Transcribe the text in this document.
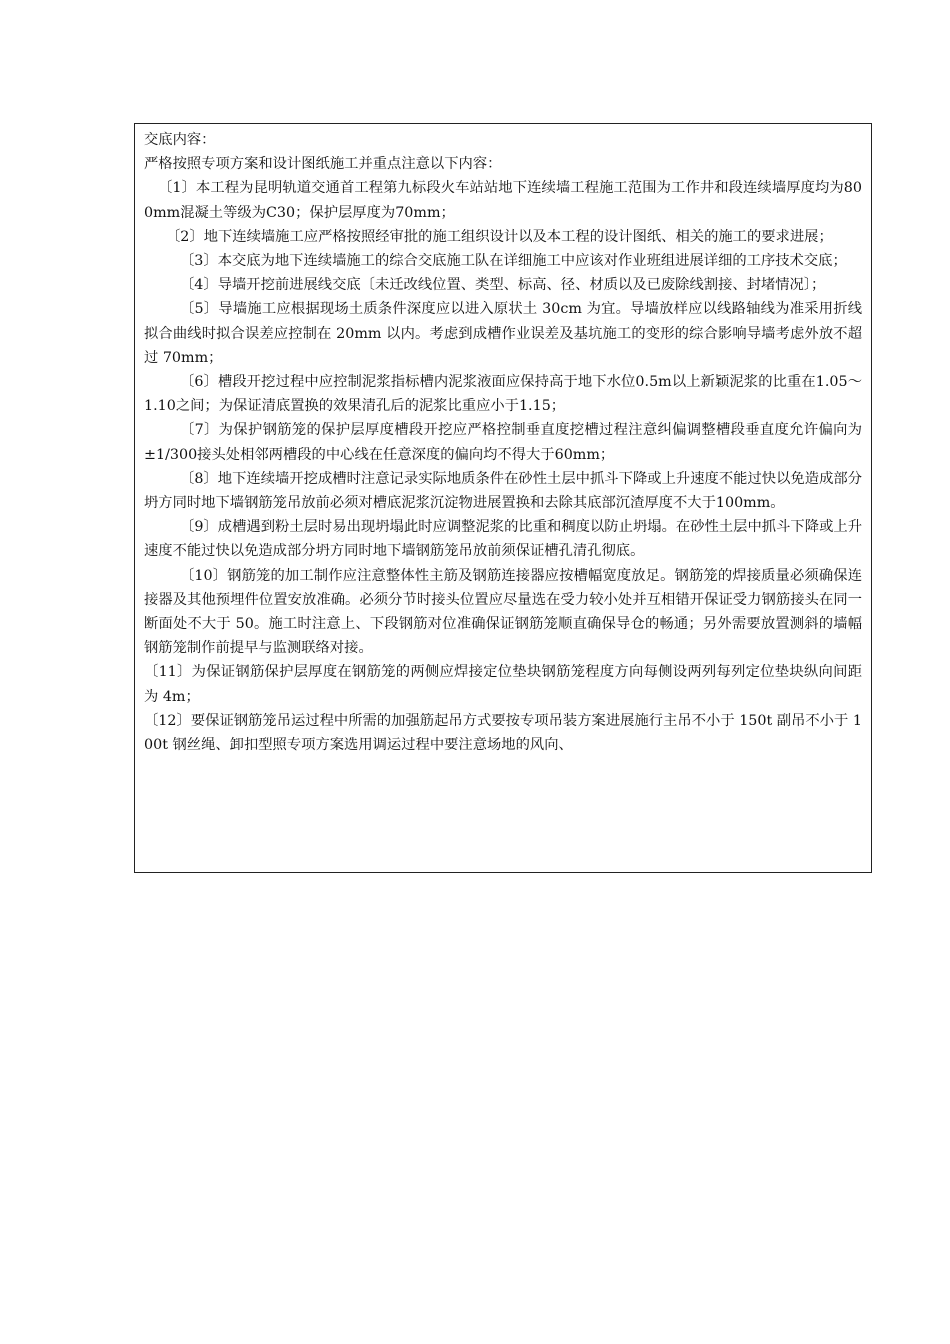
交底内容：

严格按照专项方案和设计图纸施工并重点注意以下内容：

〔1〕本工程为昆明轨道交通首工程第九标段火车站站地下连续墙工程施工范围为工作井和段连续墙厚度均为800mm混凝土等级为C30；保护层厚度为70mm；

〔2〕地下连续墙施工应严格按照经审批的施工组织设计以及本工程的设计图纸、相关的施工的要求进展；

〔3〕本交底为地下连续墙施工的综合交底施工队在详细施工中应该对作业班组进展详细的工序技术交底；

〔4〕导墙开挖前进展线交底〔未迁改线位置、类型、标高、径、材质以及已废除线割接、封堵情况〕；

〔5〕导墙施工应根据现场土质条件深度应以进入原状土 30cm 为宜。导墙放样应以线路轴线为准采用折线拟合曲线时拟合误差应控制在 20mm 以内。考虑到成槽作业误差及基坑施工的变形的综合影响导墙考虑外放不超过 70mm；

〔6〕槽段开挖过程中应控制泥浆指标槽内泥浆液面应保持高于地下水位0.5m以上新颖泥浆的比重在1.05～1.10之间；为保证清底置换的效果清孔后的泥浆比重应小于1.15；

〔7〕为保护钢筋笼的保护层厚度槽段开挖应严格控制垂直度挖槽过程注意纠偏调整槽段垂直度允许偏向为±1/300接头处相邻两槽段的中心线在任意深度的偏向均不得大于60mm；

〔8〕地下连续墙开挖成槽时注意记录实际地质条件在砂性土层中抓斗下降或上升速度不能过快以免造成部分坍方同时地下墙钢筋笼吊放前必须对槽底泥浆沉淀物进展置换和去除其底部沉渣厚度不大于100mm。

〔9〕成槽遇到粉土层时易出现坍塌此时应调整泥浆的比重和稠度以防止坍塌。在砂性土层中抓斗下降或上升速度不能过快以免造成部分坍方同时地下墙钢筋笼吊放前须保证槽孔清孔彻底。

〔10〕钢筋笼的加工制作应注意整体性主筋及钢筋连接器应按槽幅宽度放足。钢筋笼的焊接质量必须确保连接器及其他预埋件位置安放准确。必须分节时接头位置应尽量选在受力较小处并互相错开保证受力钢筋接头在同一断面处不大于 50。施工时注意上、下段钢筋对位准确保证钢筋笼顺直确保导仓的畅通；另外需要放置测斜的墙幅钢筋笼制作前提早与监测联络对接。

〔11〕为保证钢筋保护层厚度在钢筋笼的两侧应焊接定位垫块钢筋笼程度方向每侧设两列每列定位垫块纵向间距为 4m；

〔12〕要保证钢筋笼吊运过程中所需的加强筋起吊方式要按专项吊装方案进展施行主吊不小于 150t 副吊不小于 100t 钢丝绳、卸扣型照专项方案选用调运过程中要注意场地的风向、
